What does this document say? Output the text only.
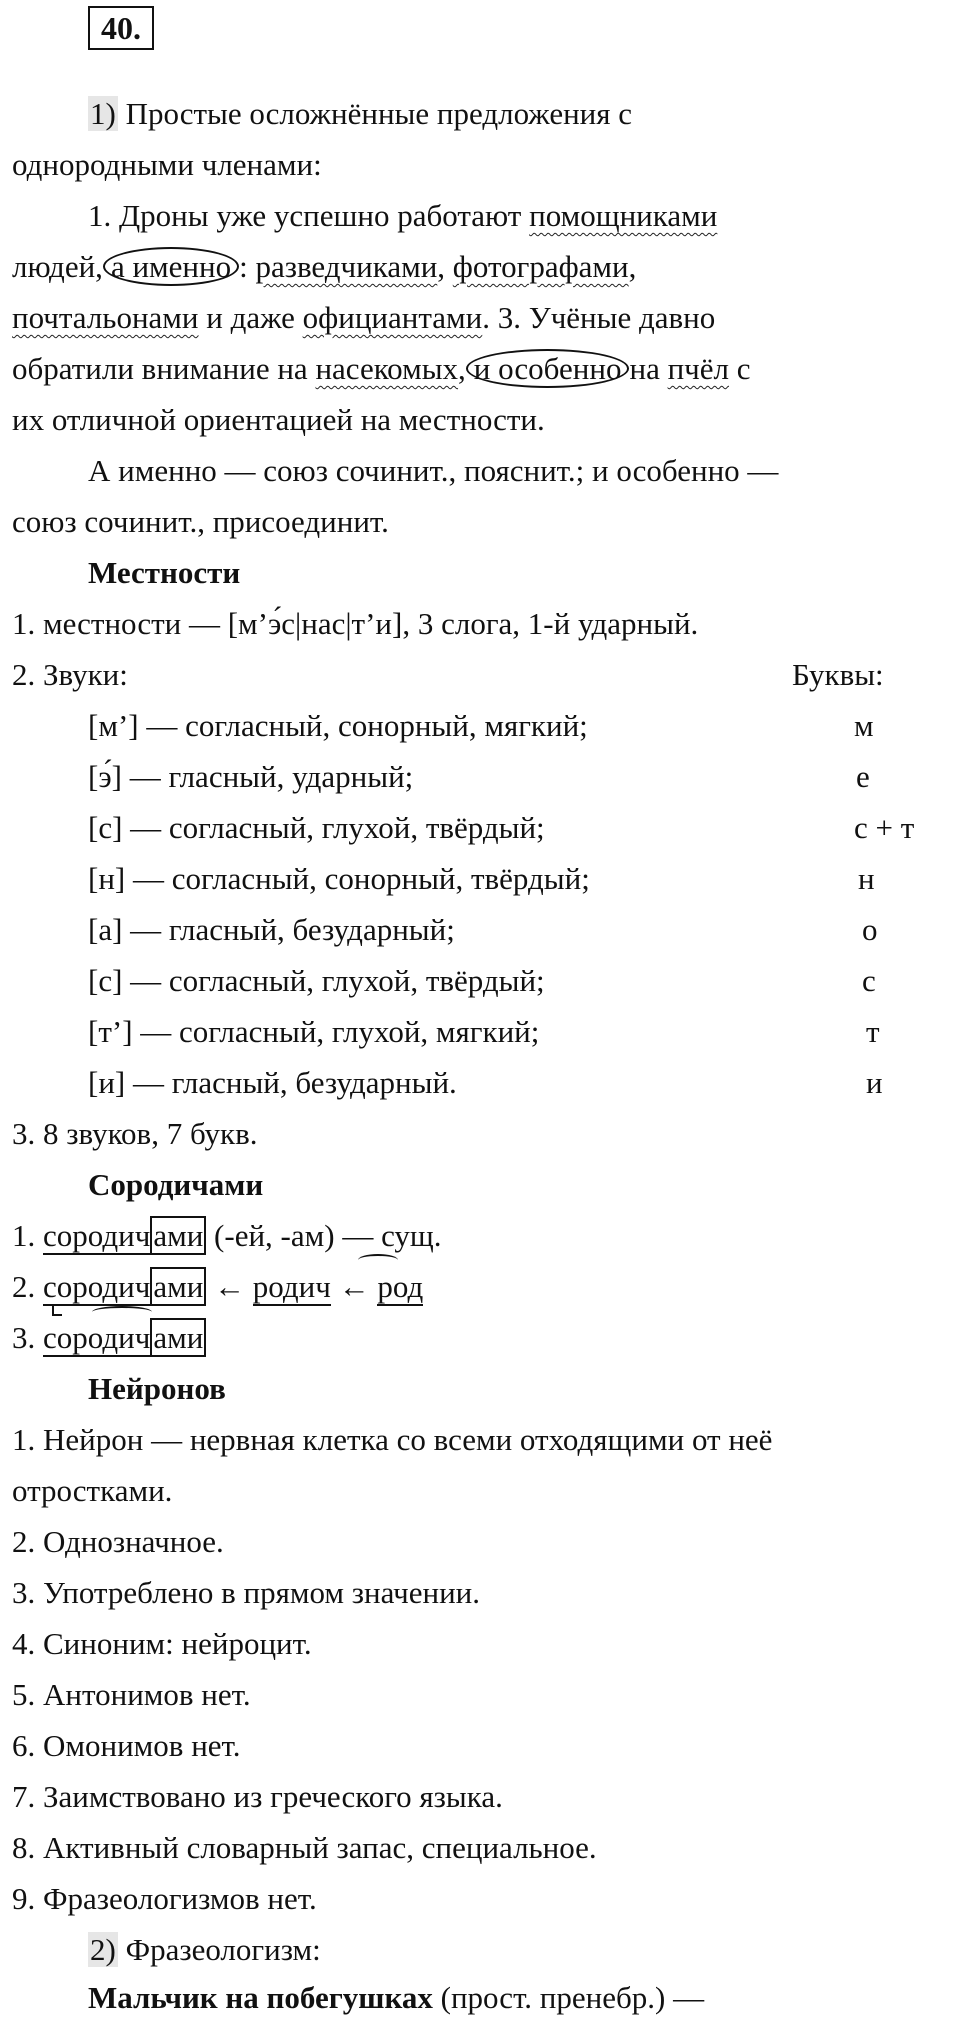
40.
1) Простые осложнённые предложения с
однородными членами:
1. Дроны уже успешно работают помощниками
людей, а именно : разведчиками, фотографами,
почтальонами и даже официантами. 3. Учёные давно
обратили внимание на насекомых, и особенно на пчёл с
их отличной ориентацией на местности.
А именно — союз сочинит., пояснит.; и особенно —
союз сочинит., присоединит.
Местности
1. местности — [м’э́с|нас|т’и], 3 слога, 1-й ударный.
2. Звуки:	Буквы:
[м’] — согласный, сонорный, мягкий;	м
[э́] — гласный, ударный;	е
[с] — согласный, глухой, твёрдый;	с + т
[н] — согласный, сонорный, твёрдый;	н
[а] — гласный, безударный;	о
[с] — согласный, глухой, твёрдый;	с
[т’] — согласный, глухой, мягкий;	т
[и] — гласный, безударный.	и
3. 8 звуков, 7 букв.
Сородичами
1. сородичами (-ей, -ам) — сущ.
2. сородичами ← родич ← род
3. сородичами
Нейронов
1. Нейрон — нервная клетка со всеми отходящими от неё
отростками.
2. Однозначное.
3. Употреблено в прямом значении.
4. Синоним: нейроцит.
5. Антонимов нет.
6. Омонимов нет.
7. Заимствовано из греческого языка.
8. Активный словарный запас, специальное.
9. Фразеологизмов нет.
2) Фразеологизм:
Мальчик на побегушках (прост. пренебр.) —
